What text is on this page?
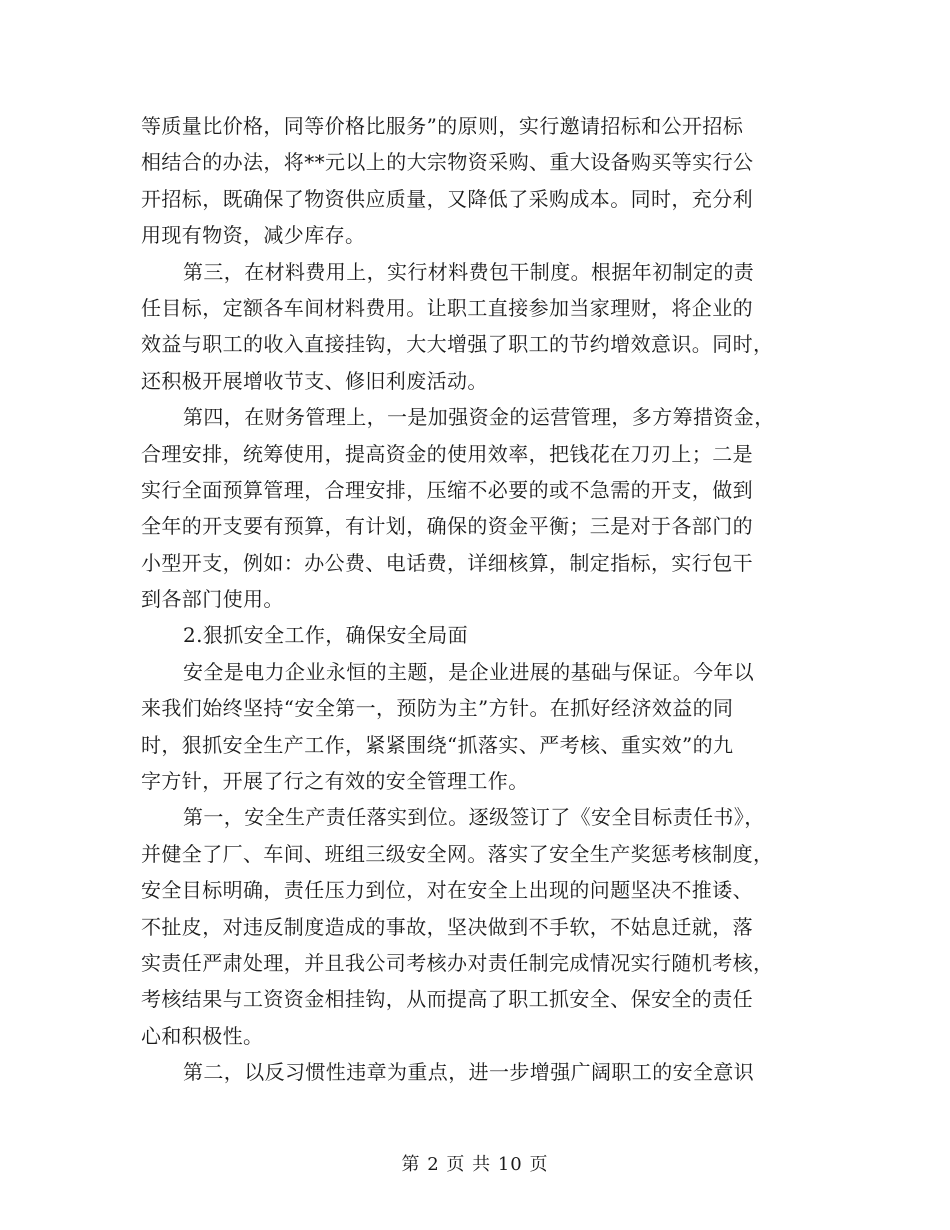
等质量比价格，同等价格比服务”的原则，实行邀请招标和公开招标
相结合的办法，将**元以上的大宗物资采购、重大设备购买等实行公
开招标，既确保了物资供应质量，又降低了采购成本。同时，充分利
用现有物资，减少库存。
第三，在材料费用上，实行材料费包干制度。根据年初制定的责
任目标，定额各车间材料费用。让职工直接参加当家理财，将企业的
效益与职工的收入直接挂钩，大大增强了职工的节约增效意识。同时，
还积极开展增收节支、修旧利废活动。
第四，在财务管理上，一是加强资金的运营管理，多方筹措资金，
合理安排，统筹使用，提高资金的使用效率，把钱花在刀刃上；二是
实行全面预算管理，合理安排，压缩不必要的或不急需的开支，做到
全年的开支要有预算，有计划，确保的资金平衡；三是对于各部门的
小型开支，例如：办公费、电话费，详细核算，制定指标，实行包干
到各部门使用。
2.狠抓安全工作，确保安全局面
安全是电力企业永恒的主题，是企业进展的基础与保证。今年以
来我们始终坚持“安全第一，预防为主”方针。在抓好经济效益的同
时，狠抓安全生产工作，紧紧围绕“抓落实、严考核、重实效”的九
字方针，开展了行之有效的安全管理工作。
第一，安全生产责任落实到位。逐级签订了《安全目标责任书》，
并健全了厂、车间、班组三级安全网。落实了安全生产奖惩考核制度，
安全目标明确，责任压力到位，对在安全上出现的问题坚决不推诿、
不扯皮，对违反制度造成的事故，坚决做到不手软，不姑息迁就，落
实责任严肃处理，并且我公司考核办对责任制完成情况实行随机考核，
考核结果与工资资金相挂钩，从而提高了职工抓安全、保安全的责任
心和积极性。
第二，以反习惯性违章为重点，进一步增强广阔职工的安全意识
第 2 页 共 10 页
